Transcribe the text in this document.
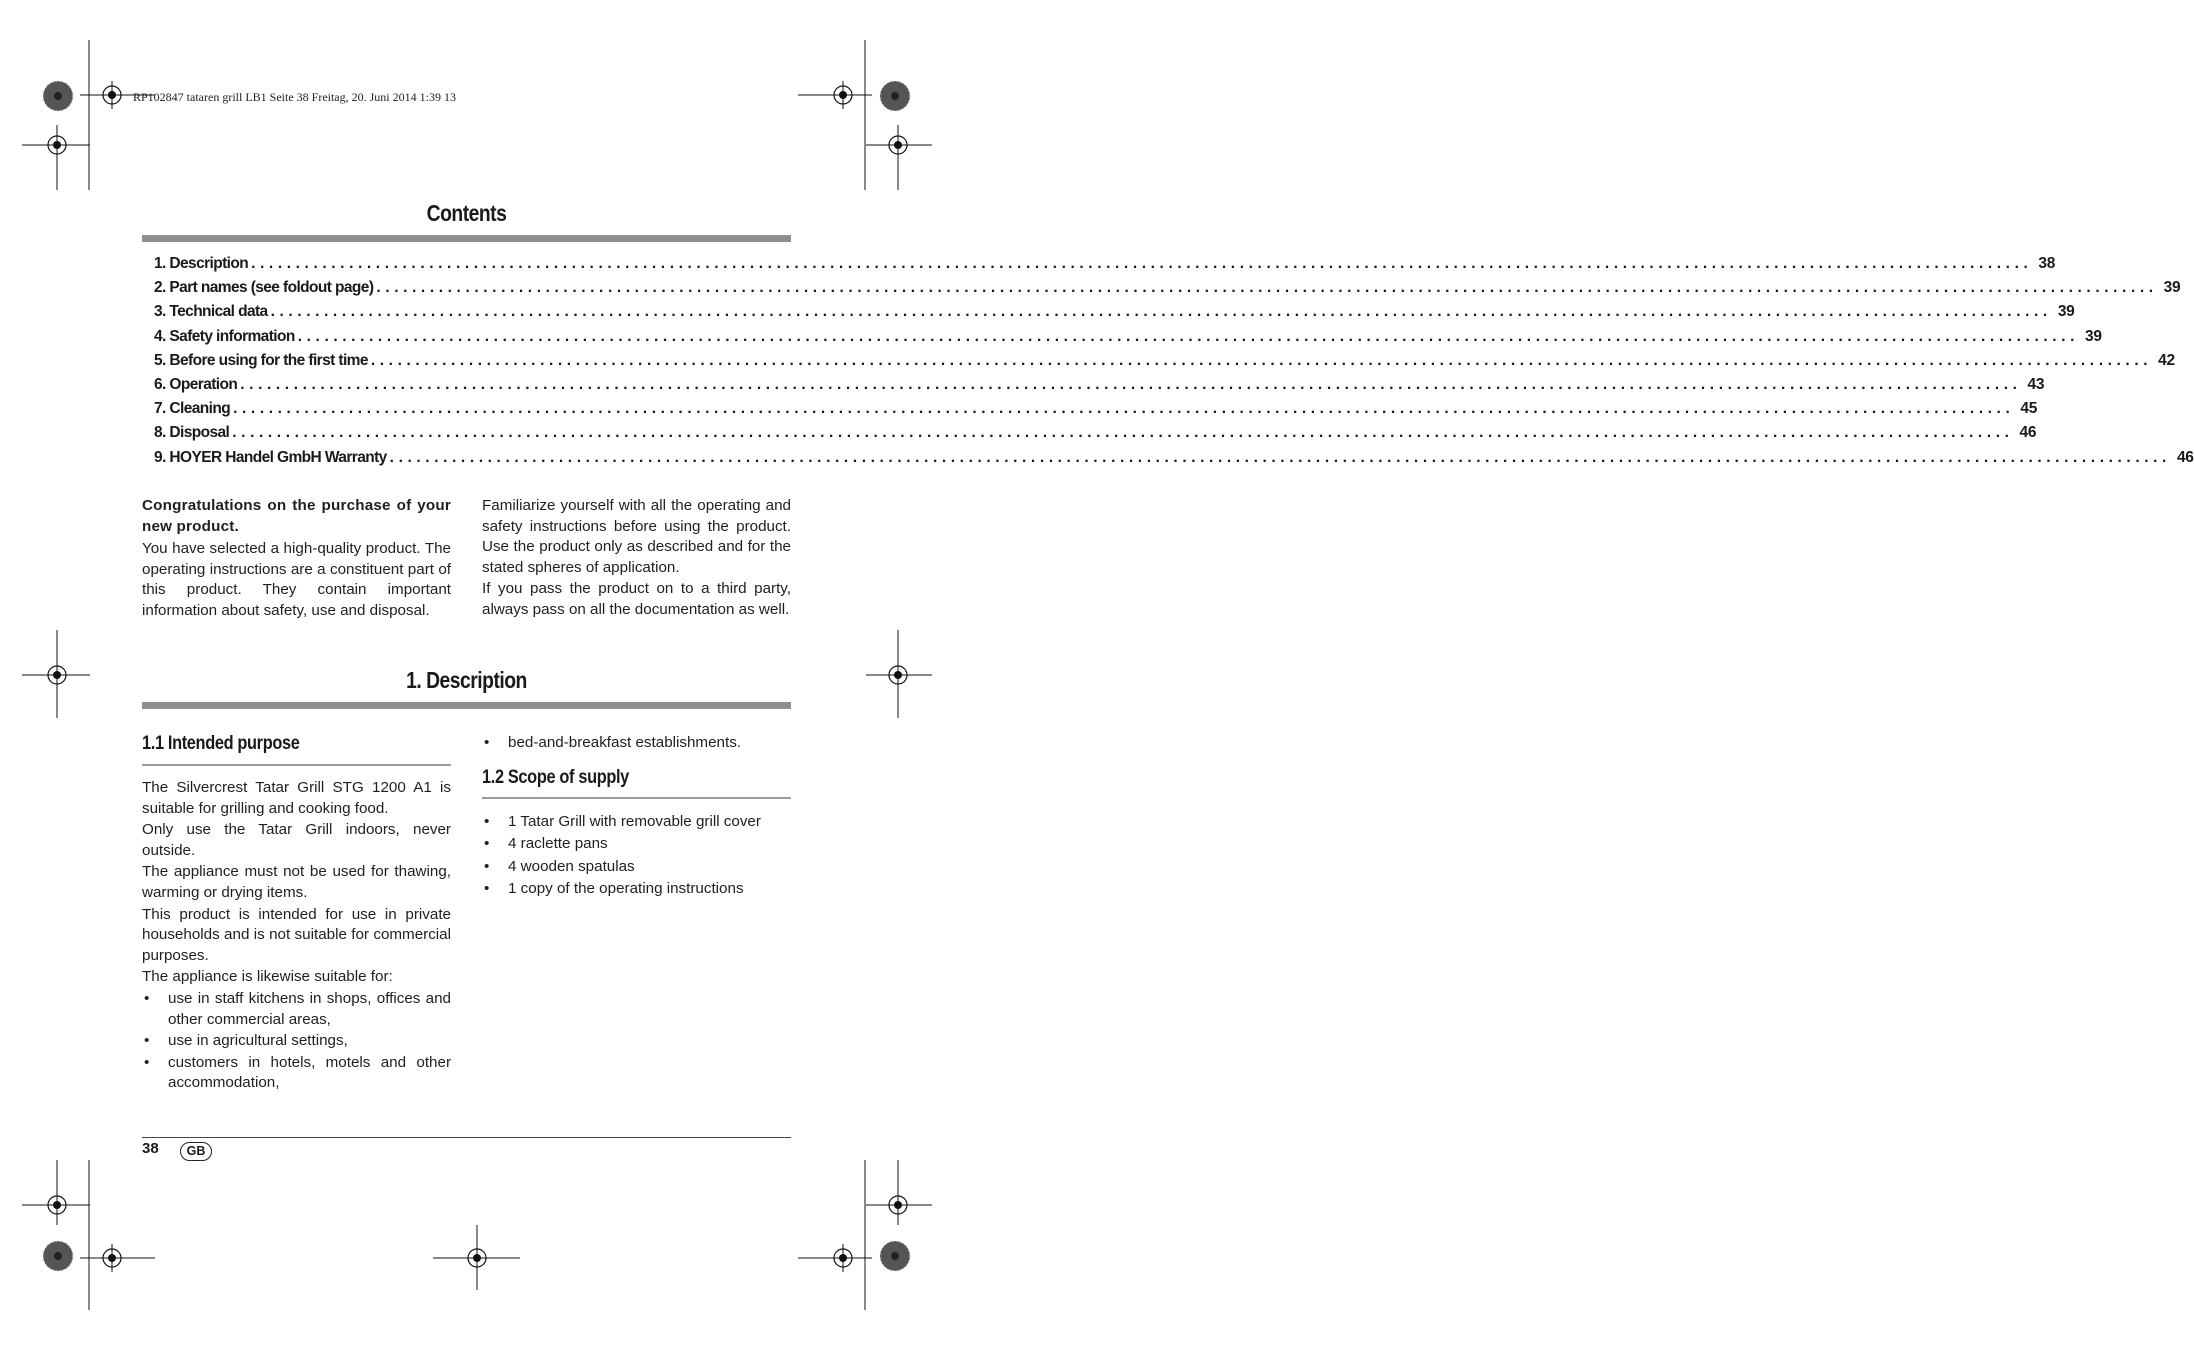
RP102847 tataren grill LB1 Seite 38 Freitag, 20. Juni 2014 1:39 13
Contents
1. Description ........................................................................................................................................................................................................ 38
2. Part names (see foldout page) ........................................................................................................................................................................................................ 39
3. Technical data ........................................................................................................................................................................................................ 39
4. Safety information ........................................................................................................................................................................................................ 39
5. Before using for the first time ........................................................................................................................................................................................................ 42
6. Operation ........................................................................................................................................................................................................ 43
7. Cleaning ........................................................................................................................................................................................................ 45
8. Disposal ........................................................................................................................................................................................................ 46
9. HOYER Handel GmbH Warranty ........................................................................................................................................................................................................ 46

Congratulations on the purchase of your new product.

You have selected a high-quality product. The operating instructions are a constituent part of this product. They contain important information about safety, use and disposal.

Familiarize yourself with all the operating and safety instructions before using the product. Use the product only as described and for the stated spheres of application.

If you pass the product on to a third party, always pass on all the documentation as well.

1. Description
1.1 Intended purpose

The Silvercrest Tatar Grill STG 1200 A1 is suitable for grilling and cooking food.

Only use the Tatar Grill indoors, never outside.

The appliance must not be used for thawing, warming or drying items.

This product is intended for use in private households and is not suitable for commercial purposes.

The appliance is likewise suitable for:

• use in staff kitchens in shops, offices and other commercial areas,
• use in agricultural settings,
• customers in hotels, motels and other accommodation,
• bed-and-breakfast establishments.
1.2 Scope of supply
• 1 Tatar Grill with removable grill cover
• 4 raclette pans
• 4 wooden spatulas
• 1 copy of the operating instructions
38	GB
